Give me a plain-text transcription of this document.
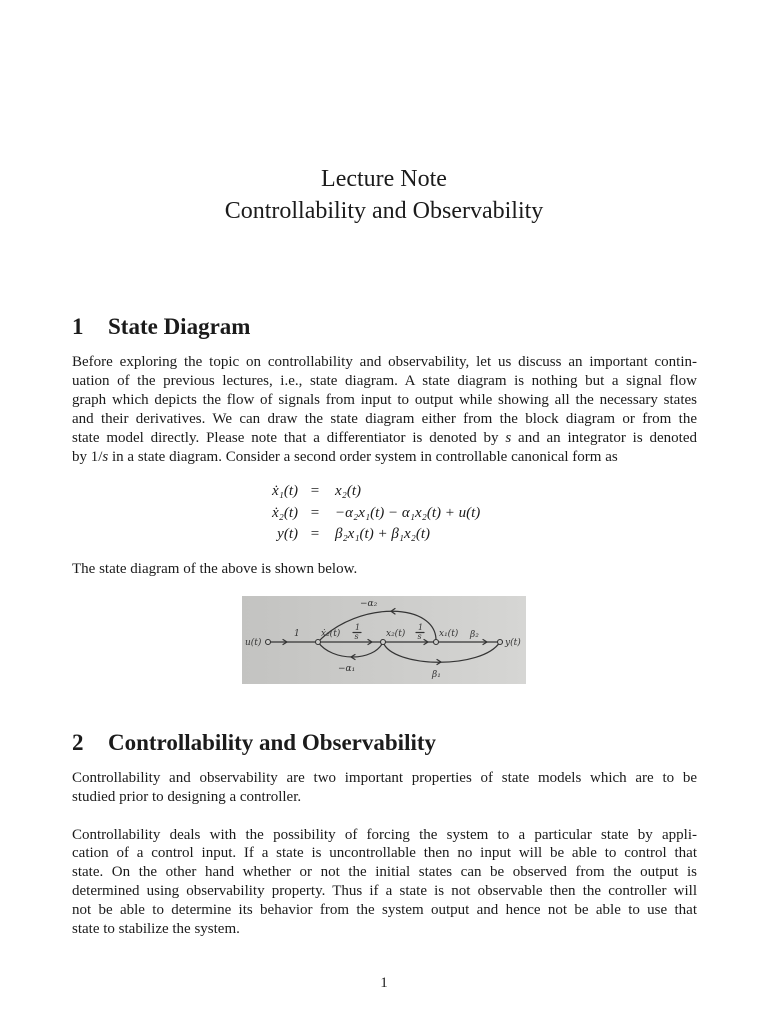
Lecture Note
Controllability and Observability
1	State Diagram
Before exploring the topic on controllability and observability, let us discuss an important contin-
uation of the previous lectures, i.e., state diagram. A state diagram is nothing but a signal flow
graph which depicts the flow of signals from input to output while showing all the necessary states
and their derivatives. We can draw the state diagram either from the block diagram or from the
state model directly. Please note that a differentiator is denoted by s and an integrator is denoted
by 1/s in a state diagram. Consider a second order system in controllable canonical form as
ẋ₁(t) =	x₂(t)
ẋ₂(t) =	−α₂x₁(t) − α₁x₂(t) + u(t)
y(t) =	β₂x₁(t) + β₁x₂(t)
The state diagram of the above is shown below.
u(t)
1 ẋ₂(t)
1
s	x₂(t)
1
s x₁(t) β₂
y(t)
−α₂
−α₁
β₁
2	Controllability and Observability
Controllability and observability are two important properties of state models which are to be
studied prior to designing a controller.
Controllability deals with the possibility of forcing the system to a particular state by appli-
cation of a control input. If a state is uncontrollable then no input will be able to control that
state. On the other hand whether or not the initial states can be observed from the output is
determined using observability property. Thus if a state is not observable then the controller will
not be able to determine its behavior from the system output and hence not be able to use that
state to stabilize the system.
1
